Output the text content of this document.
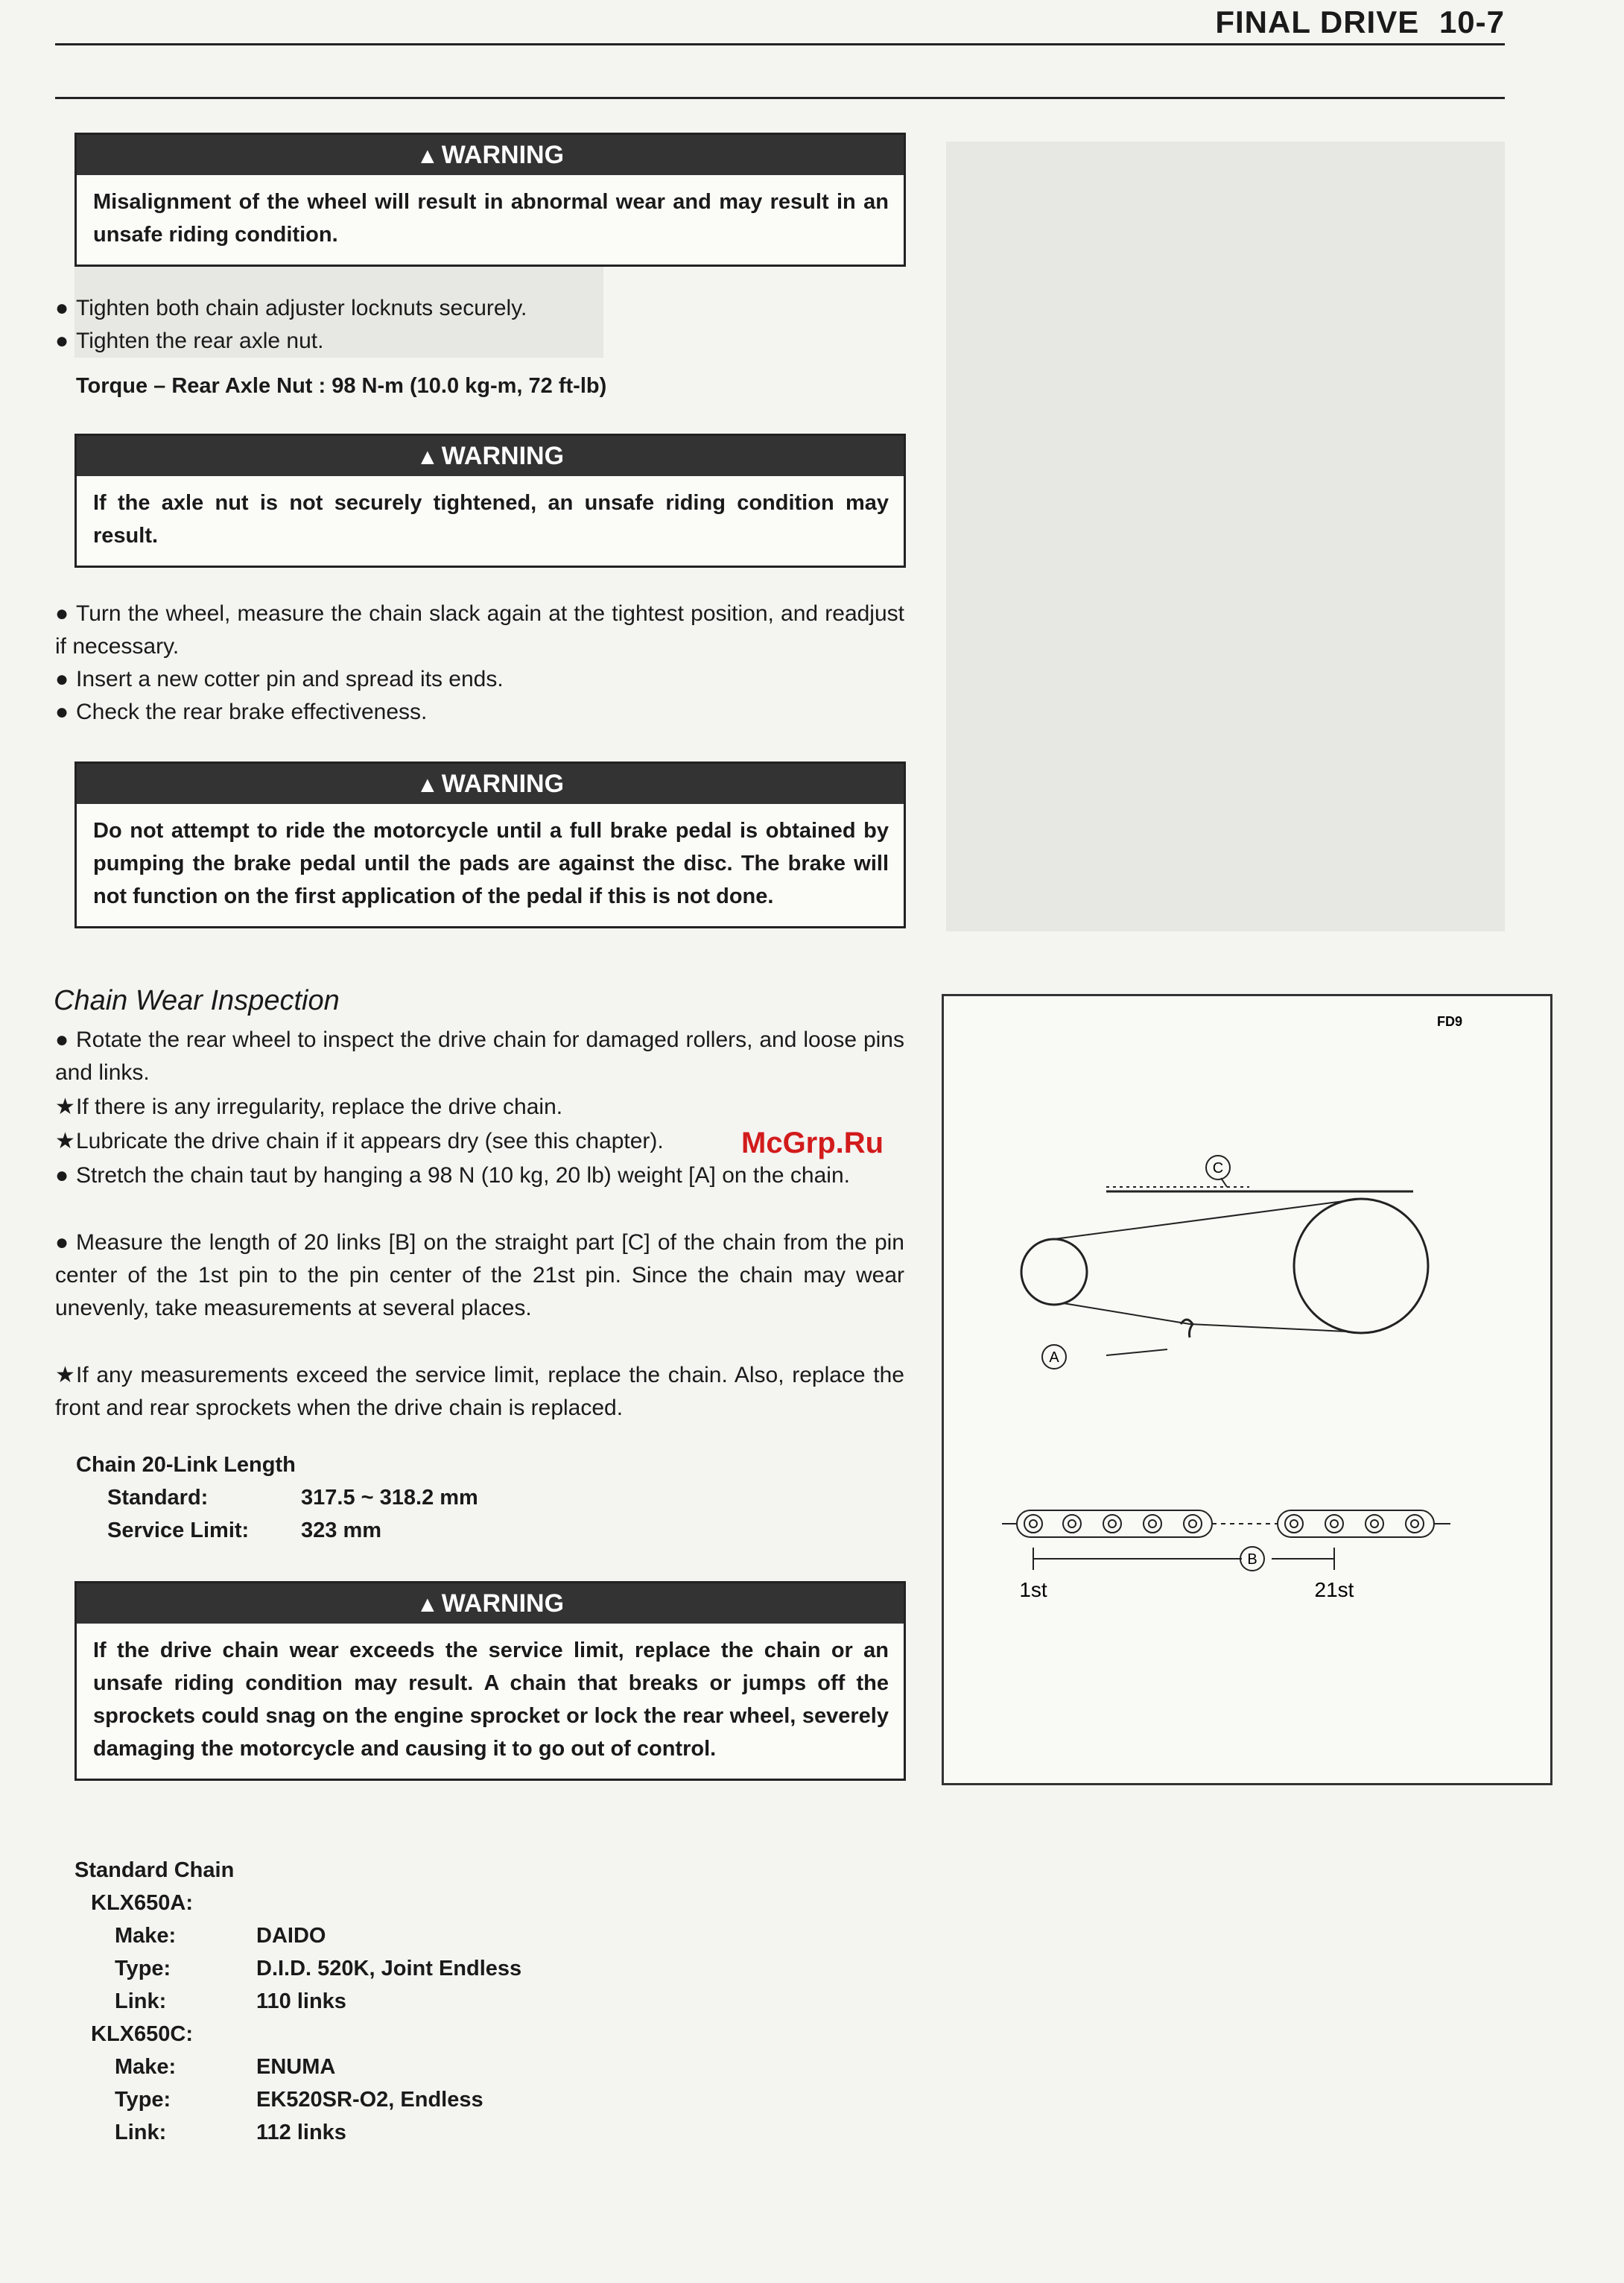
FINAL DRIVE 10-7
▲ WARNING
Misalignment of the wheel will result in abnormal wear and may result in an unsafe riding condition.
● Tighten both chain adjuster locknuts securely.
● Tighten the rear axle nut.
Torque – Rear Axle Nut : 98 N-m (10.0 kg-m, 72 ft-lb)
▲ WARNING
If the axle nut is not securely tightened, an unsafe riding condition may result.
● Turn the wheel, measure the chain slack again at the tightest position, and readjust if necessary.
● Insert a new cotter pin and spread its ends.
● Check the rear brake effectiveness.
▲ WARNING
Do not attempt to ride the motorcycle until a full brake pedal is obtained by pumping the brake pedal until the pads are against the disc. The brake will not function on the first application of the pedal if this is not done.
Chain Wear Inspection
● Rotate the rear wheel to inspect the drive chain for damaged rollers, and loose pins and links.
★If there is any irregularity, replace the drive chain.
★Lubricate the drive chain if it appears dry (see this chapter).
● Stretch the chain taut by hanging a 98 N (10 kg, 20 lb) weight [A] on the chain.
● Measure the length of 20 links [B] on the straight part [C] of the chain from the pin center of the 1st pin to the pin center of the 21st pin. Since the chain may wear unevenly, take measurements at several places.
★If any measurements exceed the service limit, replace the chain. Also, replace the front and rear sprockets when the drive chain is replaced.
Chain 20-Link Length
Standard:	317.5 ~ 318.2 mm
Service Limit: 323 mm
▲ WARNING
If the drive chain wear exceeds the service limit, replace the chain or an unsafe riding condition may result. A chain that breaks or jumps off the sprockets could snag on the engine sprocket or lock the rear wheel, severely damaging the motorcycle and causing it to go out of control.
Standard Chain
KLX650A:
Make:	DAIDO
Type:	D.I.D. 520K, Joint Endless
Link:	110 links
KLX650C:
Make:	ENUMA
Type:	EK520SR-O2, Endless
Link:	112 links
FD9
C
A
B
1st	21st
McGrp.Ru
